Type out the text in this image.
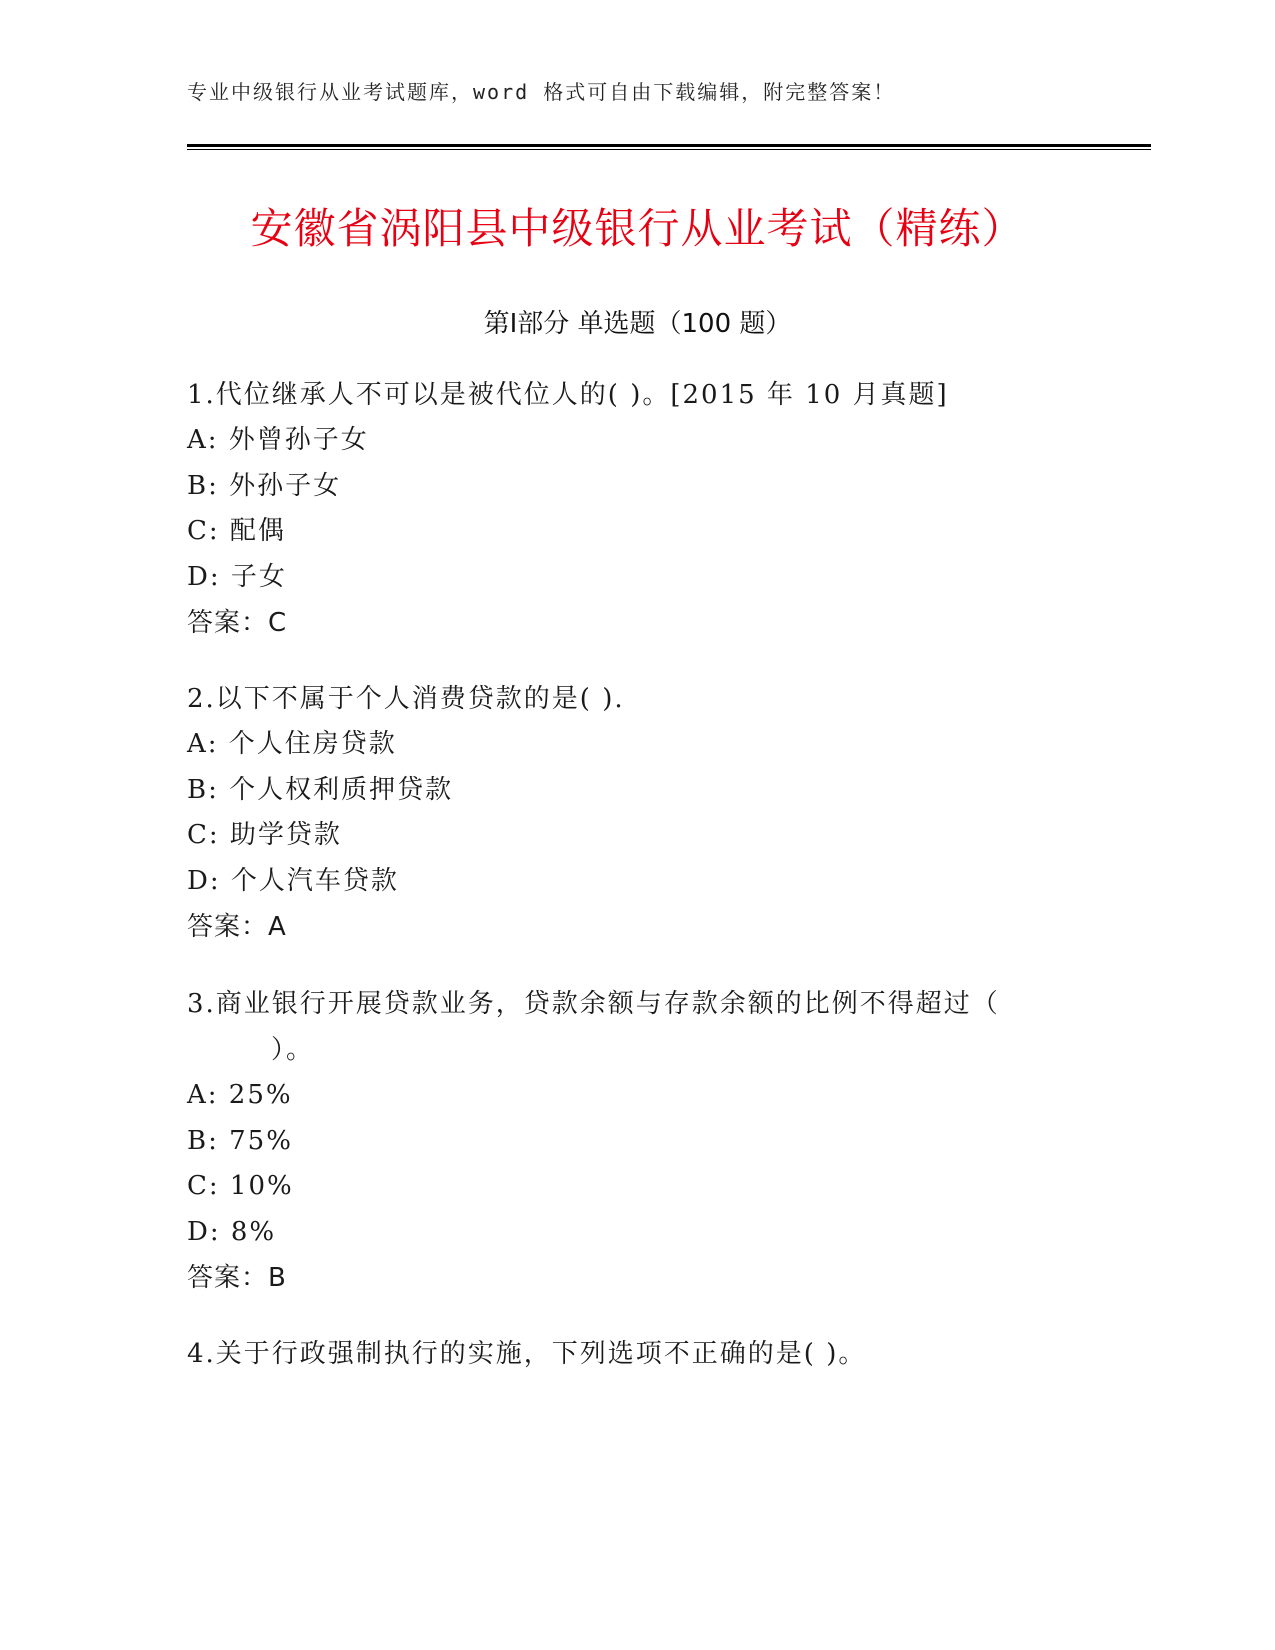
专业中级银行从业考试题库，word 格式可自由下载编辑，附完整答案！
安徽省涡阳县中级银行从业考试（精练）
第Ⅰ部分 单选题（100 题）
1.代位继承人不可以是被代位人的( )。[2015 年 10 月真题]
A: 外曾孙子女
B: 外孙子女
C: 配偶
D: 子女
答案：C
2.以下不属于个人消费贷款的是( ).
A: 个人住房贷款
B: 个人权利质押贷款
C: 助学贷款
D: 个人汽车贷款
答案：A
3.商业银行开展贷款业务，贷款余额与存款余额的比例不得超过（
）。
A: 25%
B: 75%
C: 10%
D: 8%
答案：B
4.关于行政强制执行的实施，下列选项不正确的是( )。
